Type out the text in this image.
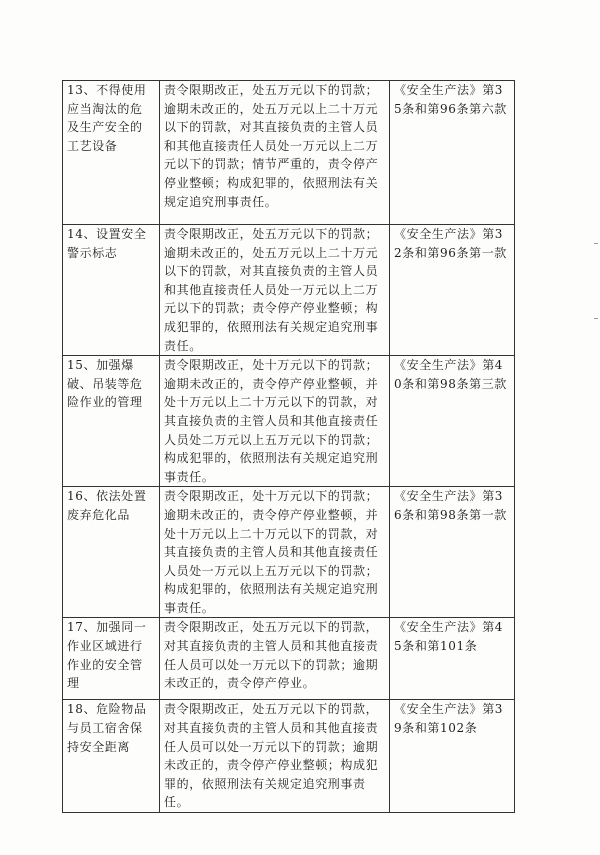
13、不得使用应当淘汰的危及生产安全的工艺设备	责令限期改正，处五万元以下的罚款；逾期未改正的，处五万元以上二十万元以下的罚款，对其直接负责的主管人员和其他直接责任人员处一万元以上二万元以下的罚款；情节严重的，责令停产停业整顿；构成犯罪的，依照刑法有关规定追究刑事责任。	《安全生产法》第35条和第96条第六款
14、设置安全警示标志	责令限期改正，处五万元以下的罚款；逾期未改正的，处五万元以上二十万元以下的罚款，对其直接负责的主管人员和其他直接责任人员处一万元以上二万元以下的罚款；责令停产停业整顿；构成犯罪的，依照刑法有关规定追究刑事责任。	《安全生产法》第32条和第96条第一款
15、加强爆破、吊装等危险作业的管理	责令限期改正，处十万元以下的罚款；逾期未改正的，责令停产停业整顿，并处十万元以上二十万元以下的罚款，对其直接负责的主管人员和其他直接责任人员处二万元以上五万元以下的罚款；构成犯罪的，依照刑法有关规定追究刑事责任。	《安全生产法》第40条和第98条第三款
16、依法处置废弃危化品	责令限期改正，处十万元以下的罚款；逾期未改正的，责令停产停业整顿，并处十万元以上二十万元以下的罚款，对其直接负责的主管人员和其他直接责任人员处一万元以上五万元以下的罚款；构成犯罪的，依照刑法有关规定追究刑事责任。	《安全生产法》第36条和第98条第一款
17、加强同一作业区域进行作业的安全管理	责令限期改正，处五万元以下的罚款，对其直接负责的主管人员和其他直接责任人员可以处一万元以下的罚款；逾期未改正的，责令停产停业。	《安全生产法》第45条和第101条
18、危险物品与员工宿舍保持安全距离	责令限期改正，处五万元以下的罚款，对其直接负责的主管人员和其他直接责任人员可以处一万元以下的罚款；逾期未改正的，责令停产停业整顿；构成犯罪的，依照刑法有关规定追究刑事责任。	《安全生产法》第39条和第102条
